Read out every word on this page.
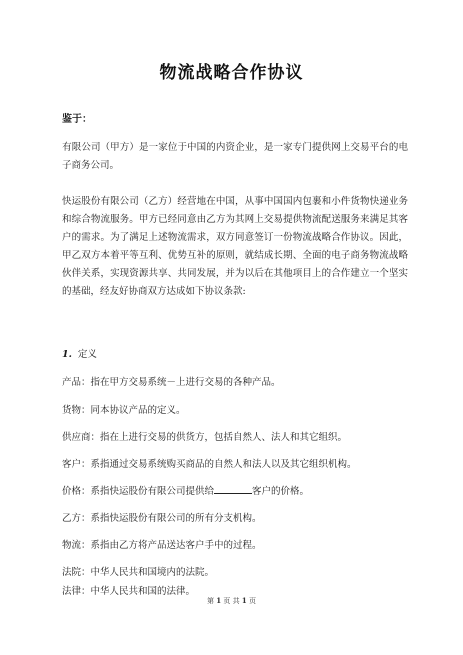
物流战略合作协议
鉴于：

有限公司（甲方）是一家位于中国的内资企业，是一家专门提供网上交易平台的电子商务公司。

快运股份有限公司（乙方）经营地在中国，从事中国国内包裹和小件货物快递业务和综合物流服务。甲方已经同意由乙方为其网上交易提供物流配送服务来满足其客户的需求。为了满足上述物流需求，双方同意签订一份物流战略合作协议。因此，甲乙双方本着平等互利、优势互补的原则，就结成长期、全面的电子商务物流战略伙伴关系，实现资源共享、共同发展，并为以后在其他项目上的合作建立一个坚实的基础，经友好协商双方达成如下协议条款:

1. 定义
产品：指在甲方交易系统－上进行交易的各种产品。
货物：同本协议产品的定义。
供应商：指在上进行交易的供货方，包括自然人、法人和其它组织。
客户：系指通过交易系统购买商品的自然人和法人以及其它组织机构。
价格：系指快运股份有限公司提供给	客户的价格。
乙方：系指快运股份有限公司的所有分支机构。
物流：系指由乙方将产品送达客户手中的过程。
法院：中华人民共和国境内的法院。
法律：中华人民共和国的法律。
第 1 页 共 1 页
